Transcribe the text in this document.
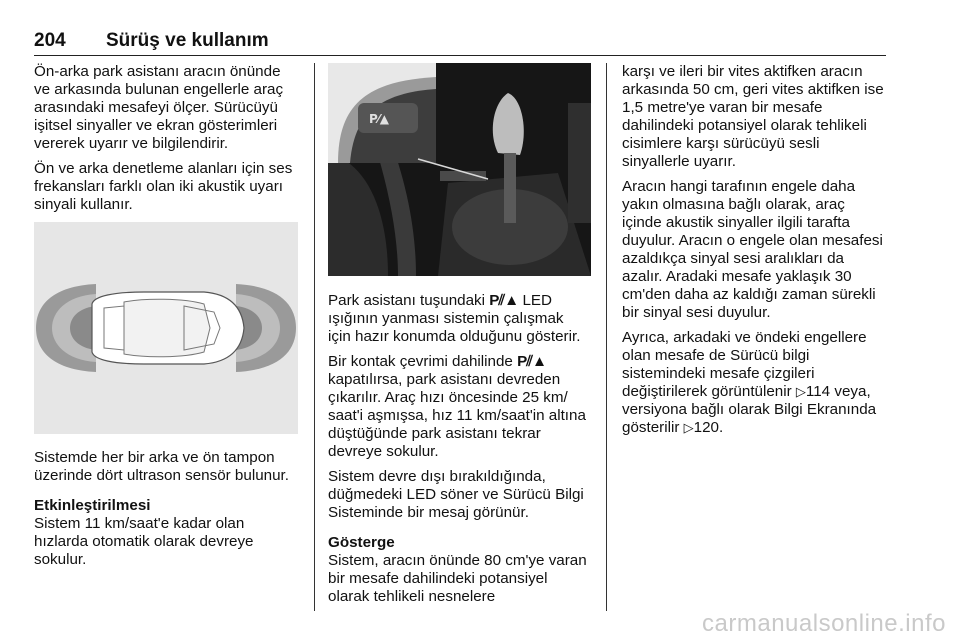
204 Sürüş ve kullanım

Ön-arka park asistanı aracın önünde ve arkasında bulunan engellerle araç arasındaki mesafeyi ölçer. Sürücüyü işitsel sinyaller ve ekran gösterimleri vererek uyarır ve bilgilendirir.

Ön ve arka denetleme alanları için ses frekansları farklı olan iki akustik uyarı sinyali kullanır.

Sistemde her bir arka ve ön tampon üzerinde dört ultrason sensör bulunur.

Etkinleştirilmesi

Sistem 11 km/saat'e kadar olan hızlarda otomatik olarak devreye sokulur.

P⁄▲

Park asistanı tuşundaki P⫽▲ LED ışığının yanması sistemin çalışmak için hazır konumda olduğunu gösterir.

Bir kontak çevrimi dahilinde P⫽▲ kapatılırsa, park asistanı devreden çıkarılır. Araç hızı öncesinde 25 km/ saat'i aşmışsa, hız 11 km/saat'in altına düştüğünde park asistanı tekrar devreye sokulur.

Sistem devre dışı bırakıldığında, düğmedeki LED söner ve Sürücü Bilgi Sisteminde bir mesaj görünür.

Gösterge

Sistem, aracın önünde 80 cm'ye varan bir mesafe dahilindeki potansiyel olarak tehlikeli nesnelere

karşı ve ileri bir vites aktifken aracın arkasında 50 cm, geri vites aktifken ise 1,5 metre'ye varan bir mesafe dahilindeki potansiyel olarak tehlikeli cisimlere karşı sürücüyü sesli sinyallerle uyarır.

Aracın hangi tarafının engele daha yakın olmasına bağlı olarak, araç içinde akustik sinyaller ilgili tarafta duyulur. Aracın o engele olan mesafesi azaldıkça sinyal sesi aralıkları da azalır. Aradaki mesafe yaklaşık 30 cm'den daha az kaldığı zaman sürekli bir sinyal sesi duyulur.

Ayrıca, arkadaki ve öndeki engellere olan mesafe de Sürücü bilgi sistemindeki mesafe çizgileri değiştirilerek görüntülenir ▷114 veya, versiyona bağlı olarak Bilgi Ekranında gösterilir ▷120.

carmanualsonline.info
